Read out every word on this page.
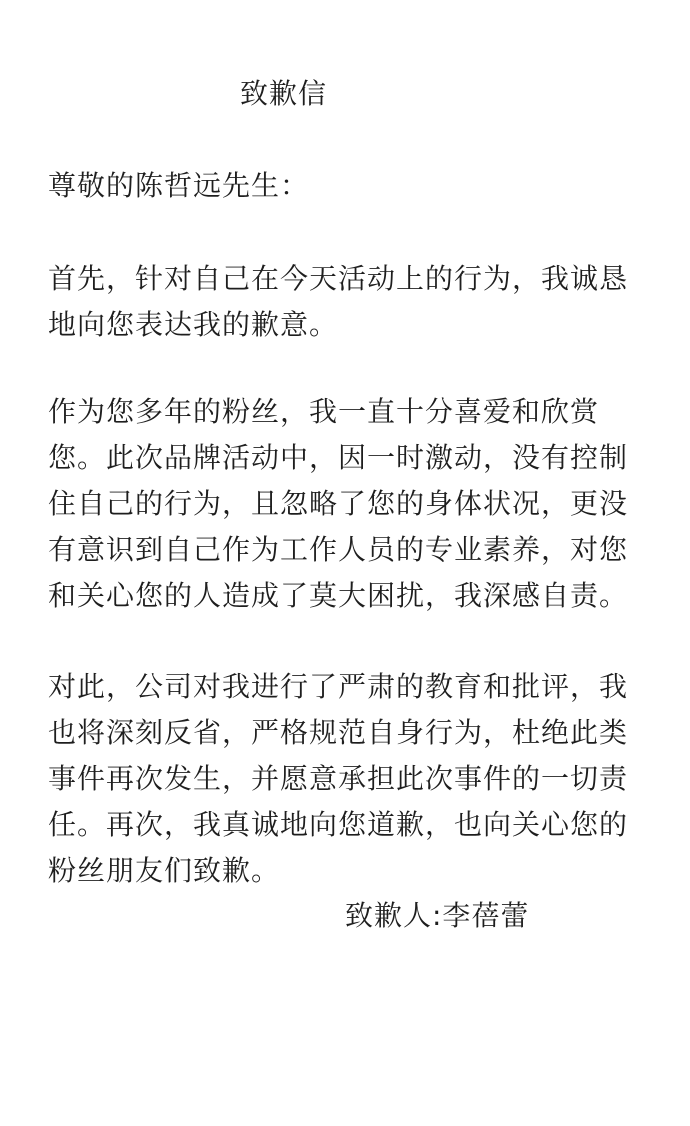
致歉信

尊敬的陈哲远先生：

首先，针对自己在今天活动上的行为，我诚恳
地向您表达我的歉意。

作为您多年的粉丝，我一直十分喜爱和欣赏
您。此次品牌活动中，因一时激动，没有控制
住自己的行为，且忽略了您的身体状况，更没
有意识到自己作为工作人员的专业素养，对您
和关心您的人造成了莫大困扰，我深感自责。

对此，公司对我进行了严肃的教育和批评，我
也将深刻反省，严格规范自身行为，杜绝此类
事件再次发生，并愿意承担此次事件的一切责
任。再次，我真诚地向您道歉，也向关心您的
粉丝朋友们致歉。

致歉人:李蓓蕾
